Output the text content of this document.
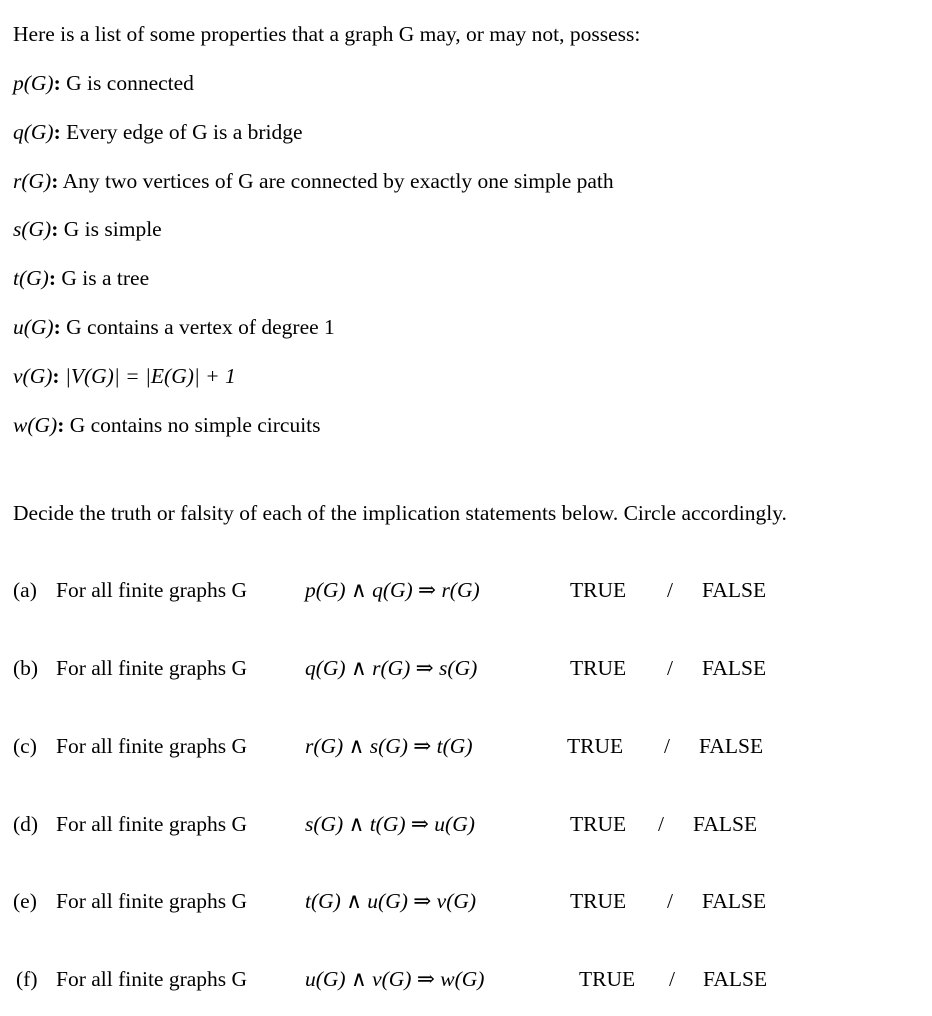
Here is a list of some properties that a graph G may, or may not, possess:
p(G): G is connected
q(G): Every edge of G is a bridge
r(G): Any two vertices of G are connected by exactly one simple path
s(G): G is simple
t(G): G is a tree
u(G): G contains a vertex of degree 1
v(G): |V(G)| = |E(G)| + 1
w(G): G contains no simple circuits
Decide the truth or falsity of each of the implication statements below. Circle accordingly.
(a) For all finite graphs G	p(G) ∧ q(G) ⇒ r(G)	TRUE / FALSE
(b) For all finite graphs G	q(G) ∧ r(G) ⇒ s(G)	TRUE / FALSE
(c) For all finite graphs G	r(G) ∧ s(G) ⇒ t(G)	TRUE / FALSE
(d) For all finite graphs G	s(G) ∧ t(G) ⇒ u(G)	TRUE / FALSE
(e) For all finite graphs G	t(G) ∧ u(G) ⇒ v(G)	TRUE / FALSE
(f) For all finite graphs G	u(G) ∧ v(G) ⇒ w(G)	TRUE / FALSE
